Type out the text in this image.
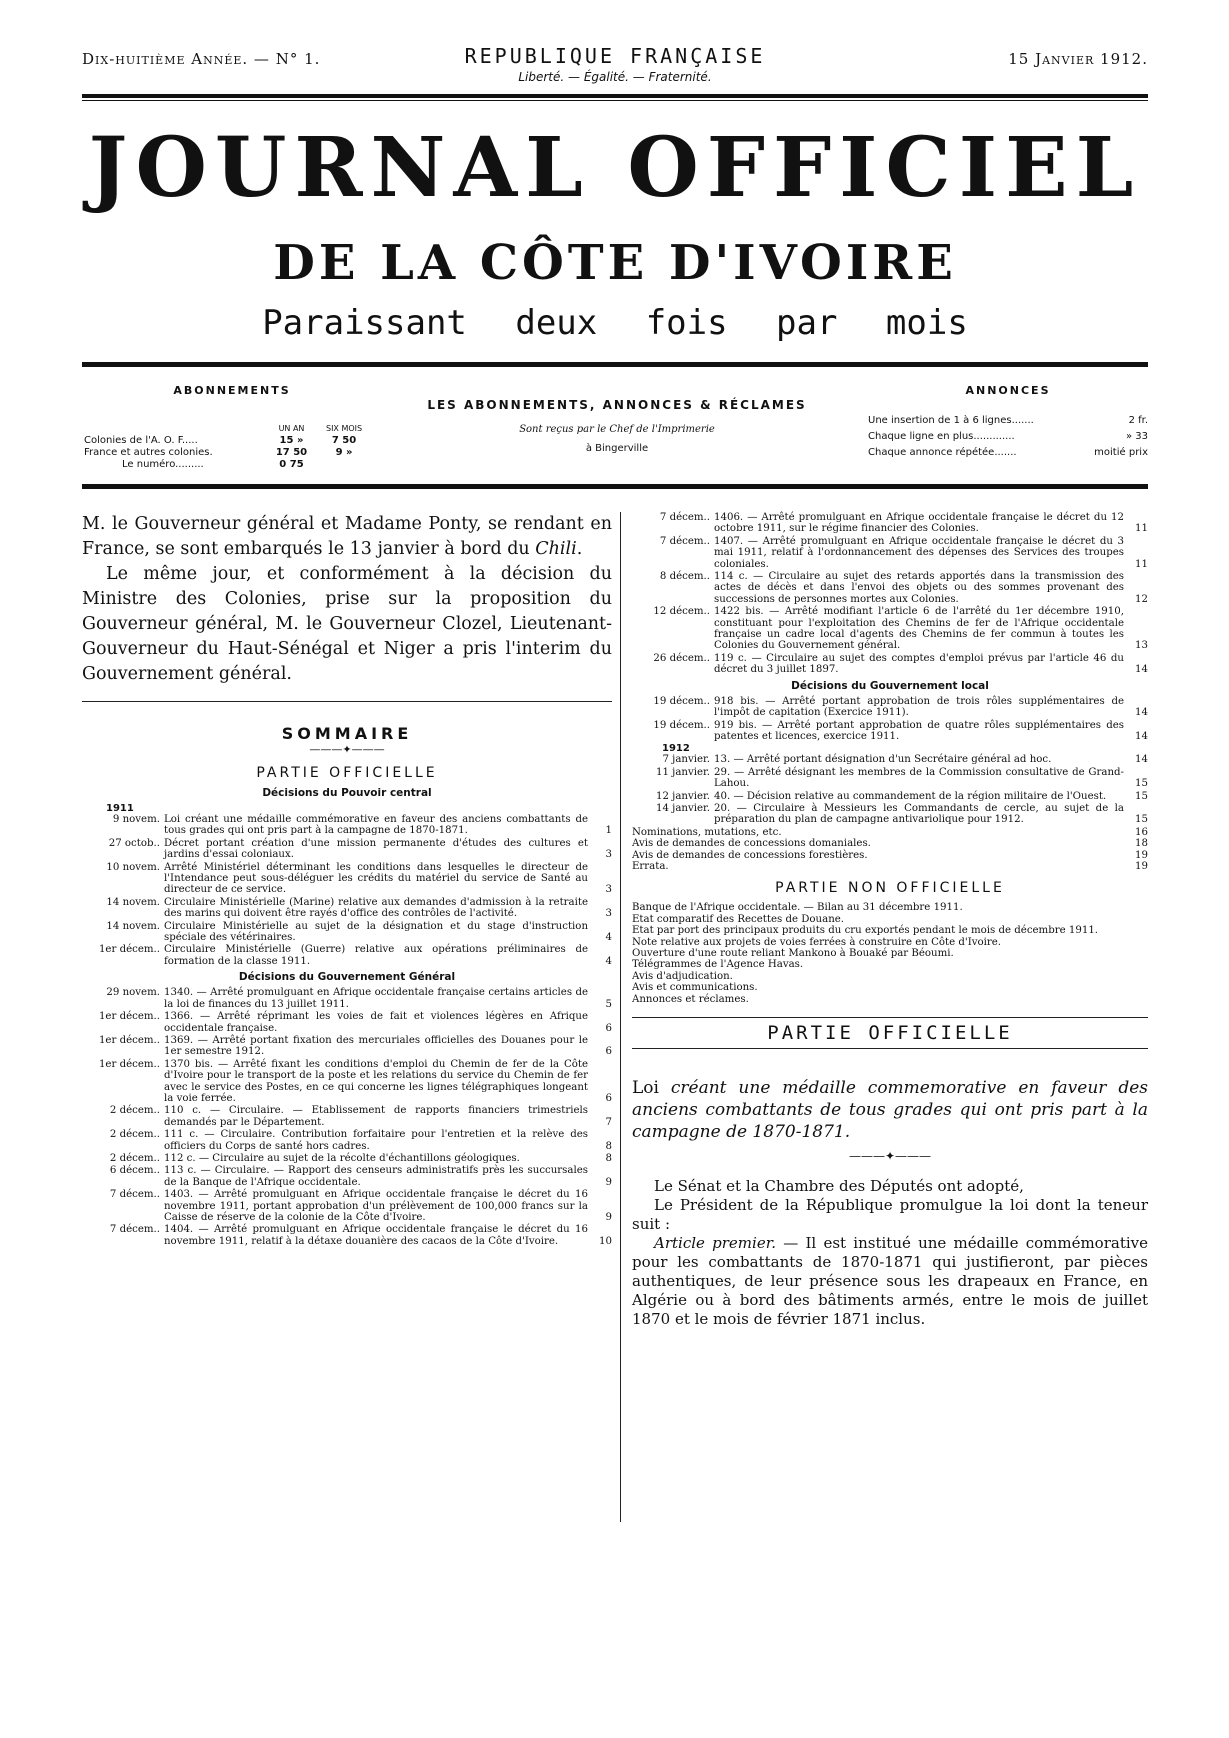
Dix-huitième Année. — N° 1.	REPUBLIQUE FRANÇAISE
Liberté. — Égalité. — Fraternité.
15 Janvier 1912.
JOURNAL OFFICIEL
DE LA CÔTE D'IVOIRE
Paraissant deux fois par mois
ABONNEMENTS
	UN AN	SIX MOIS
Colonies de l'A. O. F.....	15 »	7 50
France et autres colonies.	17 50	9 »
Le numéro.........	0 75	
LES ABONNEMENTS, ANNONCES & RÉCLAMES
Sont reçus par le Chef de l'Imprimerie
à Bingerville
ANNONCES
Une insertion de 1 à 6 lignes.......	2 fr.
Chaque ligne en plus.............	» 33
Chaque annonce répétée.......	moitié prix

M. le Gouverneur général et Madame Ponty, se rendant en France, se sont embarqués le 13 janvier à bord du Chili.

Le même jour, et conformément à la décision du Ministre des Colonies, prise sur la proposition du Gouverneur général, M. le Gouverneur Clozel, Lieutenant-Gouverneur du Haut-Sénégal et Niger a pris l'interim du Gouvernement général.

SOMMAIRE
———✦———
PARTIE OFFICIELLE
Décisions du Pouvoir central
1911
9 novem. Loi créant une médaille commémorative en faveur des anciens combattants de tous grades qui ont pris part à la campagne de 1870-1871.	1
27 octob.. Décret portant création d'une mission permanente d'études des cultures et jardins d'essai coloniaux.	3
10 novem. Arrêté Ministériel déterminant les conditions dans lesquelles le directeur de l'Intendance peut sous-déléguer les crédits du matériel du service de Santé au directeur de ce service.	3
14 novem. Circulaire Ministérielle (Marine) relative aux demandes d'admission à la retraite des marins qui doivent être rayés d'office des contrôles de l'activité.	3
14 novem. Circulaire Ministérielle au sujet de la désignation et du stage d'instruction spéciale des vétérinaires.	4
1er décem.. Circulaire Ministérielle (Guerre) relative aux opérations préliminaires de formation de la classe 1911.	4
Décisions du Gouvernement Général
29 novem. 1340. — Arrêté promulguant en Afrique occidentale française certains articles de la loi de finances du 13 juillet 1911.	5
1er décem.. 1366. — Arrêté réprimant les voies de fait et violences légères en Afrique occidentale française.	6
1er décem.. 1369. — Arrêté portant fixation des mercuriales officielles des Douanes pour le 1er semestre 1912.	6
1er décem.. 1370 bis. — Arrêté fixant les conditions d'emploi du Chemin de fer de la Côte d'Ivoire pour le transport de la poste et les relations du service du Chemin de fer avec le service des Postes, en ce qui concerne les lignes télégraphiques longeant la voie ferrée.	6
2 décem.. 110 c. — Circulaire. — Etablissement de rapports financiers trimestriels demandés par le Département.	7
2 décem.. 111 c. — Circulaire. Contribution forfaitaire pour l'entretien et la relève des officiers du Corps de santé hors cadres.	8
2 décem.. 112 c. — Circulaire au sujet de la récolte d'échantillons géologiques.	8
6 décem.. 113 c. — Circulaire. — Rapport des censeurs administratifs près les succursales de la Banque de l'Afrique occidentale.	9
7 décem.. 1403. — Arrêté promulguant en Afrique occidentale française le décret du 16 novembre 1911, portant approbation d'un prélèvement de 100,000 francs sur la Caisse de réserve de la colonie de la Côte d'Ivoire.	9
7 décem.. 1404. — Arrêté promulguant en Afrique occidentale française le décret du 16 novembre 1911, relatif à la détaxe douanière des cacaos de la Côte d'Ivoire.	10
7 décem.. 1406. — Arrêté promulguant en Afrique occidentale française le décret du 12 octobre 1911, sur le régime financier des Colonies.	11
7 décem.. 1407. — Arrêté promulguant en Afrique occidentale française le décret du 3 mai 1911, relatif à l'ordonnancement des dépenses des Services des troupes coloniales.	11
8 décem.. 114 c. — Circulaire au sujet des retards apportés dans la transmission des actes de décès et dans l'envoi des objets ou des sommes provenant des successions de personnes mortes aux Colonies.	12
12 décem.. 1422 bis. — Arrêté modifiant l'article 6 de l'arrêté du 1er décembre 1910, constituant pour l'exploitation des Chemins de fer de l'Afrique occidentale française un cadre local d'agents des Chemins de fer commun à toutes les Colonies du Gouvernement général.	13
26 décem.. 119 c. — Circulaire au sujet des comptes d'emploi prévus par l'article 46 du décret du 3 juillet 1897.	14
Décisions du Gouvernement local
19 décem.. 918 bis. — Arrêté portant approbation de trois rôles supplémentaires de l'impôt de capitation (Exercice 1911).	14
19 décem.. 919 bis. — Arrêté portant approbation de quatre rôles supplémentaires des patentes et licences, exercice 1911.	14
1912
7 janvier. 13. — Arrêté portant désignation d'un Secrétaire général ad hoc.	14
11 janvier. 29. — Arrêté désignant les membres de la Commission consultative de Grand-Lahou.	15
12 janvier. 40. — Décision relative au commandement de la région militaire de l'Ouest.	15
14 janvier. 20. — Circulaire à Messieurs les Commandants de cercle, au sujet de la préparation du plan de campagne antivariolique pour 1912.	15
Nominations, mutations, etc.	16
Avis de demandes de concessions domaniales.	18
Avis de demandes de concessions forestières.	19
Errata.	19
PARTIE NON OFFICIELLE
Banque de l'Afrique occidentale. — Bilan au 31 décembre 1911.
Etat comparatif des Recettes de Douane.
Etat par port des principaux produits du cru exportés pendant le mois de décembre 1911.
Note relative aux projets de voies ferrées à construire en Côte d'Ivoire.
Ouverture d'une route reliant Mankono à Bouaké par Béoumi.
Télégrammes de l'Agence Havas.
Avis d'adjudication.
Avis et communications.
Annonces et réclames.
PARTIE OFFICIELLE
Loi créant une médaille commemorative en faveur des anciens combattants de tous grades qui ont pris part à la campagne de 1870-1871.
———✦———

Le Sénat et la Chambre des Députés ont adopté,

Le Président de la République promulgue la loi dont la teneur suit :

Article premier. — Il est institué une médaille commémorative pour les combattants de 1870-1871 qui justifieront, par pièces authentiques, de leur présence sous les drapeaux en France, en Algérie ou à bord des bâtiments armés, entre le mois de juillet 1870 et le mois de février 1871 inclus.
